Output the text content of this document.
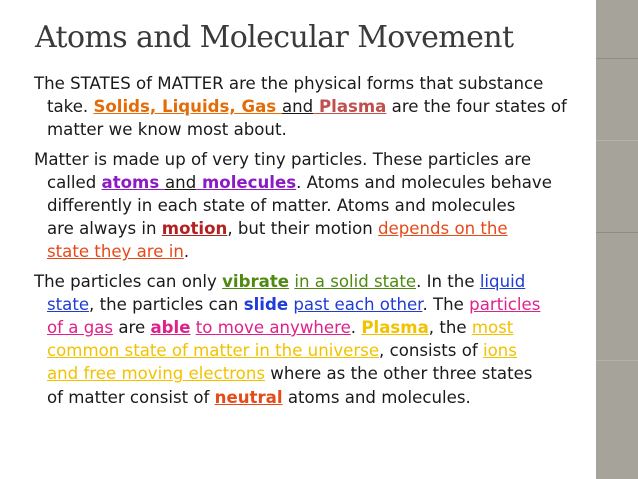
Atoms and Molecular Movement
The STATES of MATTER are the physical forms that substance
take. Solids, Liquids, Gas and Plasma are the four states of
matter we know most about.
Matter is made up of very tiny particles. These particles are
called atoms and molecules. Atoms and molecules behave
differently in each state of matter. Atoms and molecules
are always in motion, but their motion depends on the
state they are in.
The particles can only vibrate in a solid state. In the liquid
state, the particles can slide past each other. The particles
of a gas are able to move anywhere. Plasma, the most
common state of matter in the universe, consists of ions
and free moving electrons where as the other three states
of matter consist of neutral atoms and molecules.
